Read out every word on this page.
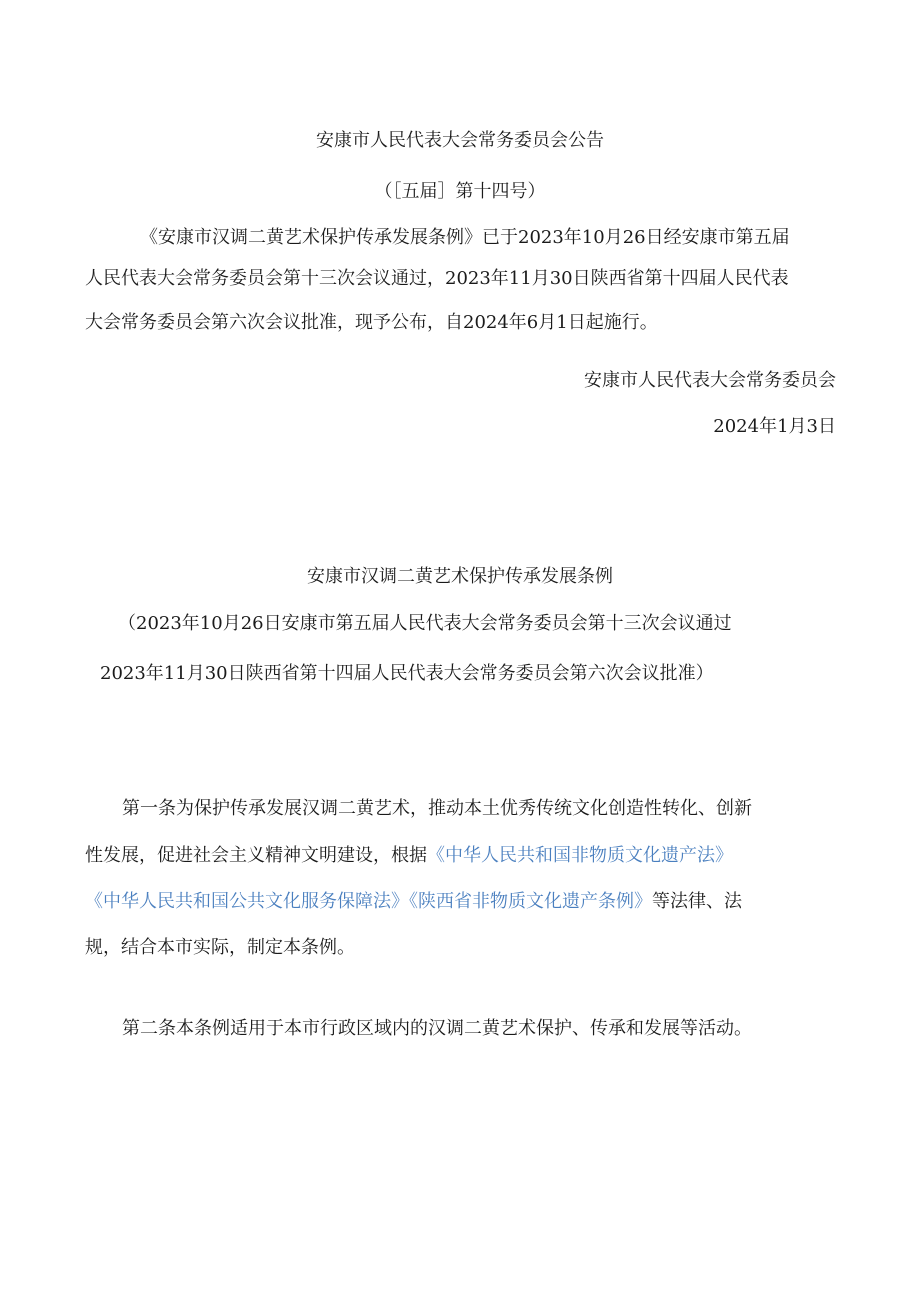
安康市人民代表大会常务委员会公告
（［五届］第十四号）
《安康市汉调二黄艺术保护传承发展条例》已于2023年10月26日经安康市第五届
人民代表大会常务委员会第十三次会议通过，2023年11月30日陕西省第十四届人民代表
大会常务委员会第六次会议批准，现予公布，自2024年6月1日起施行。
安康市人民代表大会常务委员会
2024年1月3日
安康市汉调二黄艺术保护传承发展条例
（2023年10月26日安康市第五届人民代表大会常务委员会第十三次会议通过
2023年11月30日陕西省第十四届人民代表大会常务委员会第六次会议批准）
第一条为保护传承发展汉调二黄艺术，推动本土优秀传统文化创造性转化、创新
性发展，促进社会主义精神文明建设，根据《中华人民共和国非物质文化遗产法》
《中华人民共和国公共文化服务保障法》《陕西省非物质文化遗产条例》等法律、法
规，结合本市实际，制定本条例。
第二条本条例适用于本市行政区域内的汉调二黄艺术保护、传承和发展等活动。
